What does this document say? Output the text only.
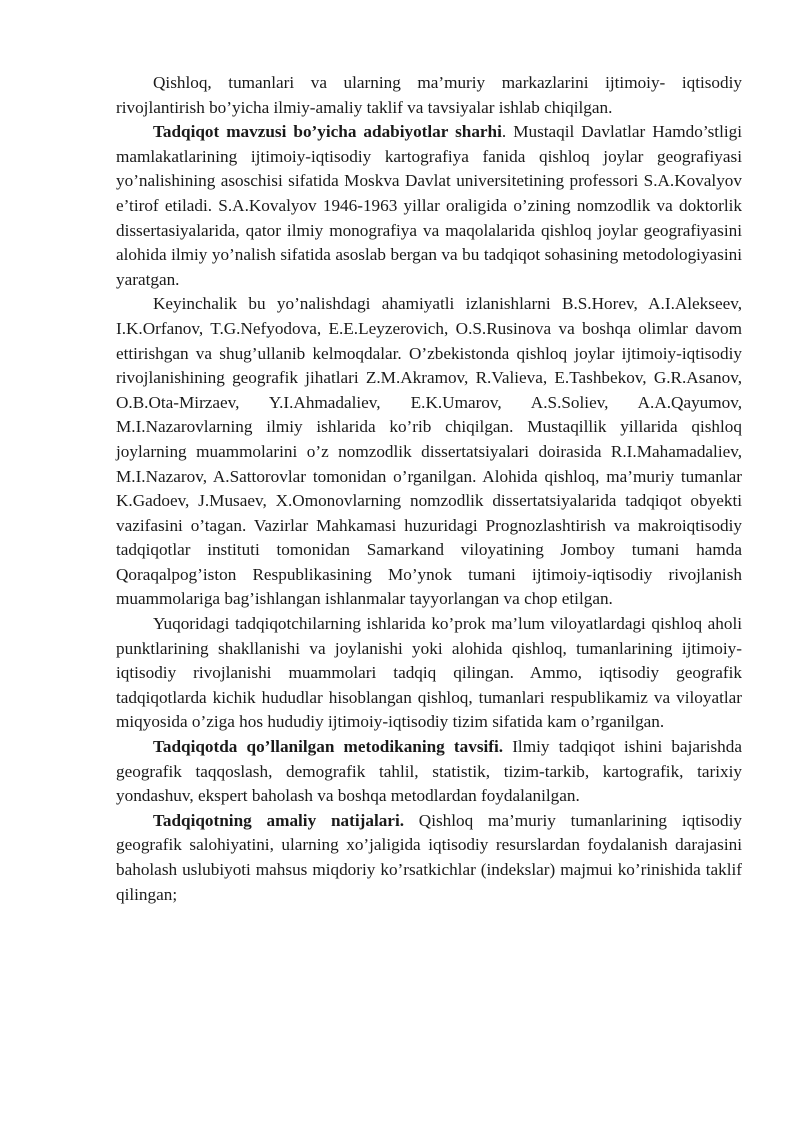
Qishloq, tumanlari va ularning ma’muriy markazlarini ijtimoiy- iqtisodiy rivojlantirish bo’yicha ilmiy-amaliy taklif va tavsiyalar ishlab chiqilgan.

Tadqiqot mavzusi bo’yicha adabiyotlar sharhi. Mustaqil Davlatlar Hamdo’stligi mamlakatlarining ijtimoiy-iqtisodiy kartografiya fanida qishloq joylar geografiyasi yo’nalishining asoschisi sifatida Moskva Davlat universitetining professori S.A.Kovalyov e’tirof etiladi. S.A.Kovalyov 1946-1963 yillar oraligida o’zining nomzodlik va doktorlik dissertasiyalarida, qator ilmiy monografiya va maqolalarida qishloq joylar geografiyasini alohida ilmiy yo’nalish sifatida asoslab bergan va bu tadqiqot sohasining metodologiyasini yaratgan.

Keyinchalik bu yo’nalishdagi ahamiyatli izlanishlarni B.S.Horev, A.I.Alekseev, I.K.Orfanov, T.G.Nefyodova, E.E.Leyzerovich, O.S.Rusinova va boshqa olimlar davom ettirishgan va shug’ullanib kelmoqdalar. O’zbekistonda qishloq joylar ijtimoiy-iqtisodiy rivojlanishining geografik jihatlari Z.M.Akramov, R.Valieva, E.Tashbekov, G.R.Asanov, O.B.Ota-Mirzaev, Y.I.Ahmadaliev, E.K.Umarov, A.S.Soliev, A.A.Qayumov, M.I.Nazarovlarning ilmiy ishlarida ko’rib chiqilgan. Mustaqillik yillarida qishloq joylarning muammolarini o’z nomzodlik dissertatsiyalari doirasida R.I.Mahamadaliev, M.I.Nazarov, A.Sattorovlar tomonidan o’rganilgan. Alohida qishloq, ma’muriy tumanlar K.Gadoev, J.Musaev, X.Omonovlarning nomzodlik dissertatsiyalarida tadqiqot obyekti vazifasini o’tagan. Vazirlar Mahkamasi huzuridagi Prognozlashtirish va makroiqtisodiy tadqiqotlar instituti tomonidan Samarkand viloyatining Jomboy tumani hamda Qoraqalpog’iston Respublikasining Mo’ynok tumani ijtimoiy-iqtisodiy rivojlanish muammolariga bag’ishlangan ishlanmalar tayyorlangan va chop etilgan.

Yuqoridagi tadqiqotchilarning ishlarida ko’prok ma’lum viloyatlardagi qishloq aholi punktlarining shakllanishi va joylanishi yoki alohida qishloq, tumanlarining ijtimoiy-iqtisodiy rivojlanishi muammolari tadqiq qilingan. Ammo, iqtisodiy geografik tadqiqotlarda kichik hududlar hisoblangan qishloq, tumanlari respublikamiz va viloyatlar miqyosida o’ziga hos hududiy ijtimoiy-iqtisodiy tizim sifatida kam o’rganilgan.

Tadqiqotda qo’llanilgan metodikaning tavsifi. Ilmiy tadqiqot ishini bajarishda geografik taqqoslash, demografik tahlil, statistik, tizim-tarkib, kartografik, tarixiy yondashuv, ekspert baholash va boshqa metodlardan foydalanilgan.

Tadqiqotning amaliy natijalari. Qishloq ma’muriy tumanlarining iqtisodiy geografik salohiyatini, ularning xo’jaligida iqtisodiy resurslardan foydalanish darajasini baholash uslubiyoti mahsus miqdoriy ko’rsatkichlar (indekslar) majmui ko’rinishida taklif qilingan;
